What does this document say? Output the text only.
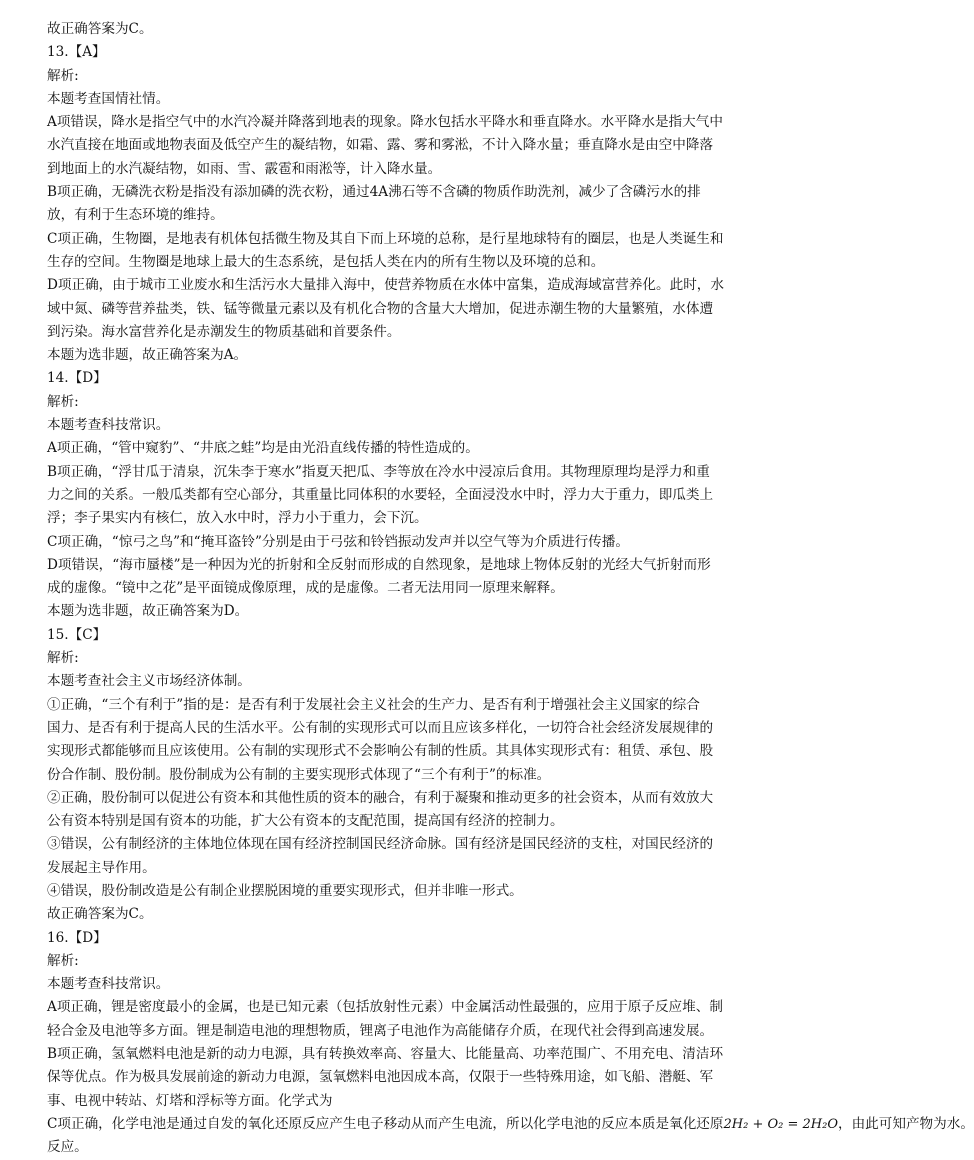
故正确答案为C。
13.【A】
解析:
本题考查国情社情。
A项错误，降水是指空气中的水汽冷凝并降落到地表的现象。降水包括水平降水和垂直降水。水平降水是指大气中
水汽直接在地面或地物表面及低空产生的凝结物，如霜、露、雾和雾淞，不计入降水量；垂直降水是由空中降落
到地面上的水汽凝结物，如雨、雪、霰雹和雨淞等，计入降水量。
B项正确，无磷洗衣粉是指没有添加磷的洗衣粉，通过4A沸石等不含磷的物质作助洗剂，减少了含磷污水的排
放，有利于生态环境的维持。
C项正确，生物圈，是地表有机体包括微生物及其自下而上环境的总称，是行星地球特有的圈层，也是人类诞生和
生存的空间。生物圈是地球上最大的生态系统，是包括人类在内的所有生物以及环境的总和。
D项正确，由于城市工业废水和生活污水大量排入海中，使营养物质在水体中富集，造成海域富营养化。此时，水
域中氮、磷等营养盐类，铁、锰等微量元素以及有机化合物的含量大大增加，促进赤潮生物的大量繁殖，水体遭
到污染。海水富营养化是赤潮发生的物质基础和首要条件。
本题为选非题，故正确答案为A。
14.【D】
解析:
本题考查科技常识。
A项正确，“管中窥豹”、“井底之蛙”均是由光沿直线传播的特性造成的。
B项正确，“浮甘瓜于清泉，沉朱李于寒水”指夏天把瓜、李等放在冷水中浸凉后食用。其物理原理均是浮力和重
力之间的关系。一般瓜类都有空心部分，其重量比同体积的水要轻，全面浸没水中时，浮力大于重力，即瓜类上
浮；李子果实内有核仁，放入水中时，浮力小于重力，会下沉。
C项正确，“惊弓之鸟”和“掩耳盗铃”分别是由于弓弦和铃铛振动发声并以空气等为介质进行传播。
D项错误，“海市蜃楼”是一种因为光的折射和全反射而形成的自然现象，是地球上物体反射的光经大气折射而形
成的虚像。“镜中之花”是平面镜成像原理，成的是虚像。二者无法用同一原理来解释。
本题为选非题，故正确答案为D。
15.【C】
解析:
本题考查社会主义市场经济体制。
①正确，“三个有利于”指的是：是否有利于发展社会主义社会的生产力、是否有利于增强社会主义国家的综合
国力、是否有利于提高人民的生活水平。公有制的实现形式可以而且应该多样化，一切符合社会经济发展规律的
实现形式都能够而且应该使用。公有制的实现形式不会影响公有制的性质。其具体实现形式有：租赁、承包、股
份合作制、股份制。股份制成为公有制的主要实现形式体现了“三个有利于”的标准。
②正确，股份制可以促进公有资本和其他性质的资本的融合，有利于凝聚和推动更多的社会资本，从而有效放大
公有资本特别是国有资本的功能，扩大公有资本的支配范围，提高国有经济的控制力。
③错误，公有制经济的主体地位体现在国有经济控制国民经济命脉。国有经济是国民经济的支柱，对国民经济的
发展起主导作用。
④错误，股份制改造是公有制企业摆脱困境的重要实现形式，但并非唯一形式。
故正确答案为C。
16.【D】
解析:
本题考查科技常识。
A项正确，锂是密度最小的金属，也是已知元素（包括放射性元素）中金属活动性最强的，应用于原子反应堆、制
轻合金及电池等多方面。锂是制造电池的理想物质，锂离子电池作为高能储存介质，在现代社会得到高速发展。
B项正确，氢氧燃料电池是新的动力电源，具有转换效率高、容量大、比能量高、功率范围广、不用充电、清洁环
保等优点。作为极具发展前途的新动力电源，氢氧燃料电池因成本高，仅限于一些特殊用途，如飞船、潜艇、军
事、电视中转站、灯塔和浮标等方面。化学式为
C项正确，化学电池是通过自发的氧化还原反应产生电子移动从而产生电流，所以化学电池的反应本质是氧化还原2H₂ + O₂ = 2H₂O，由此可知产物为水。
反应。
